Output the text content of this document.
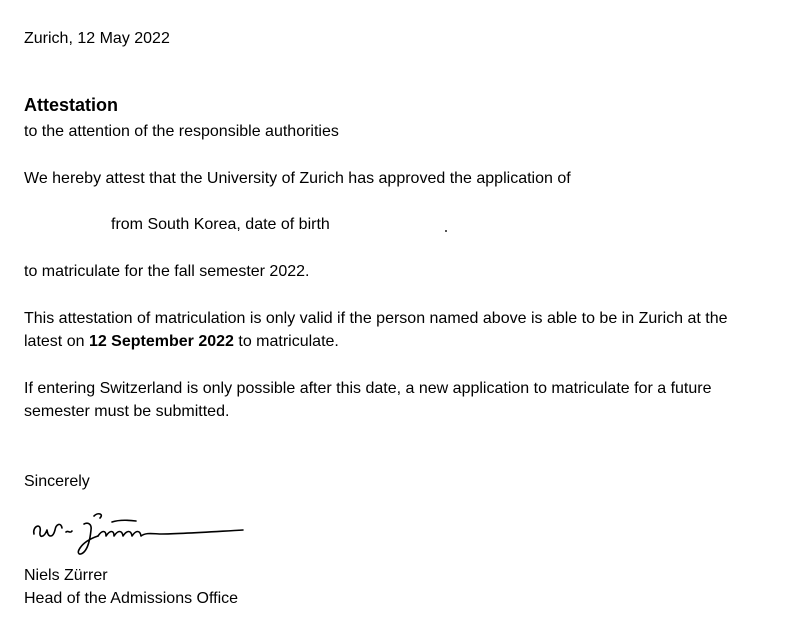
Zurich, 12 May 2022

Attestation

to the attention of the responsible authorities

We hereby attest that the University of Zurich has approved the application of

from South Korea, date of birth

to matriculate for the fall semester 2022.

This attestation of matriculation is only valid if the person named above is able to be in Zurich at the

latest on 12 September 2022 to matriculate.

If entering Switzerland is only possible after this date, a new application to matriculate for a future

semester must be submitted.

Sincerely

Niels Zürrer

Head of the Admissions Office
